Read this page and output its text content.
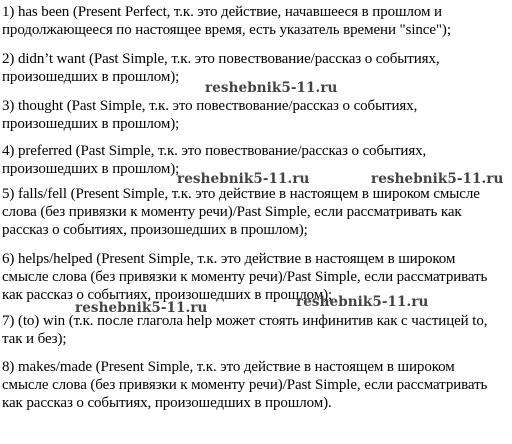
1) has been (Present Perfect, т.к. это действие, начавшееся в прошлом и
продолжающееся по настоящее время, есть указатель времени "since");
2) didn’t want (Past Simple, т.к. это повествование/рассказ о событиях,
произошедших в прошлом);
3) thought (Past Simple, т.к. это повествование/рассказ о событиях,
произошедших в прошлом);
4) preferred (Past Simple, т.к. это повествование/рассказ о событиях,
произошедших в прошлом);
5) falls/fell (Present Simple, т.к. это действие в настоящем в широком смысле
слова (без привязки к моменту речи)/Past Simple, если рассматривать как
рассказ о событиях, произошедших в прошлом);
6) helps/helped (Present Simple, т.к. это действие в настоящем в широком
смысле слова (без привязки к моменту речи)/Past Simple, если рассматривать
как рассказ о событиях, произошедших в прошлом);
7) (to) win (т.к. после глагола help может стоять инфинитив как с частицей to,
так и без);
8) makes/made (Present Simple, т.к. это действие в настоящем в широком
смысле слова (без привязки к моменту речи)/Past Simple, если рассматривать
как рассказ о событиях, произошедших в прошлом).
reshebnik5-11.ru
reshebnik5-11.ru	reshebnik5-11.ru
reshebnik5-11.ru	reshebnik5-11.ru
